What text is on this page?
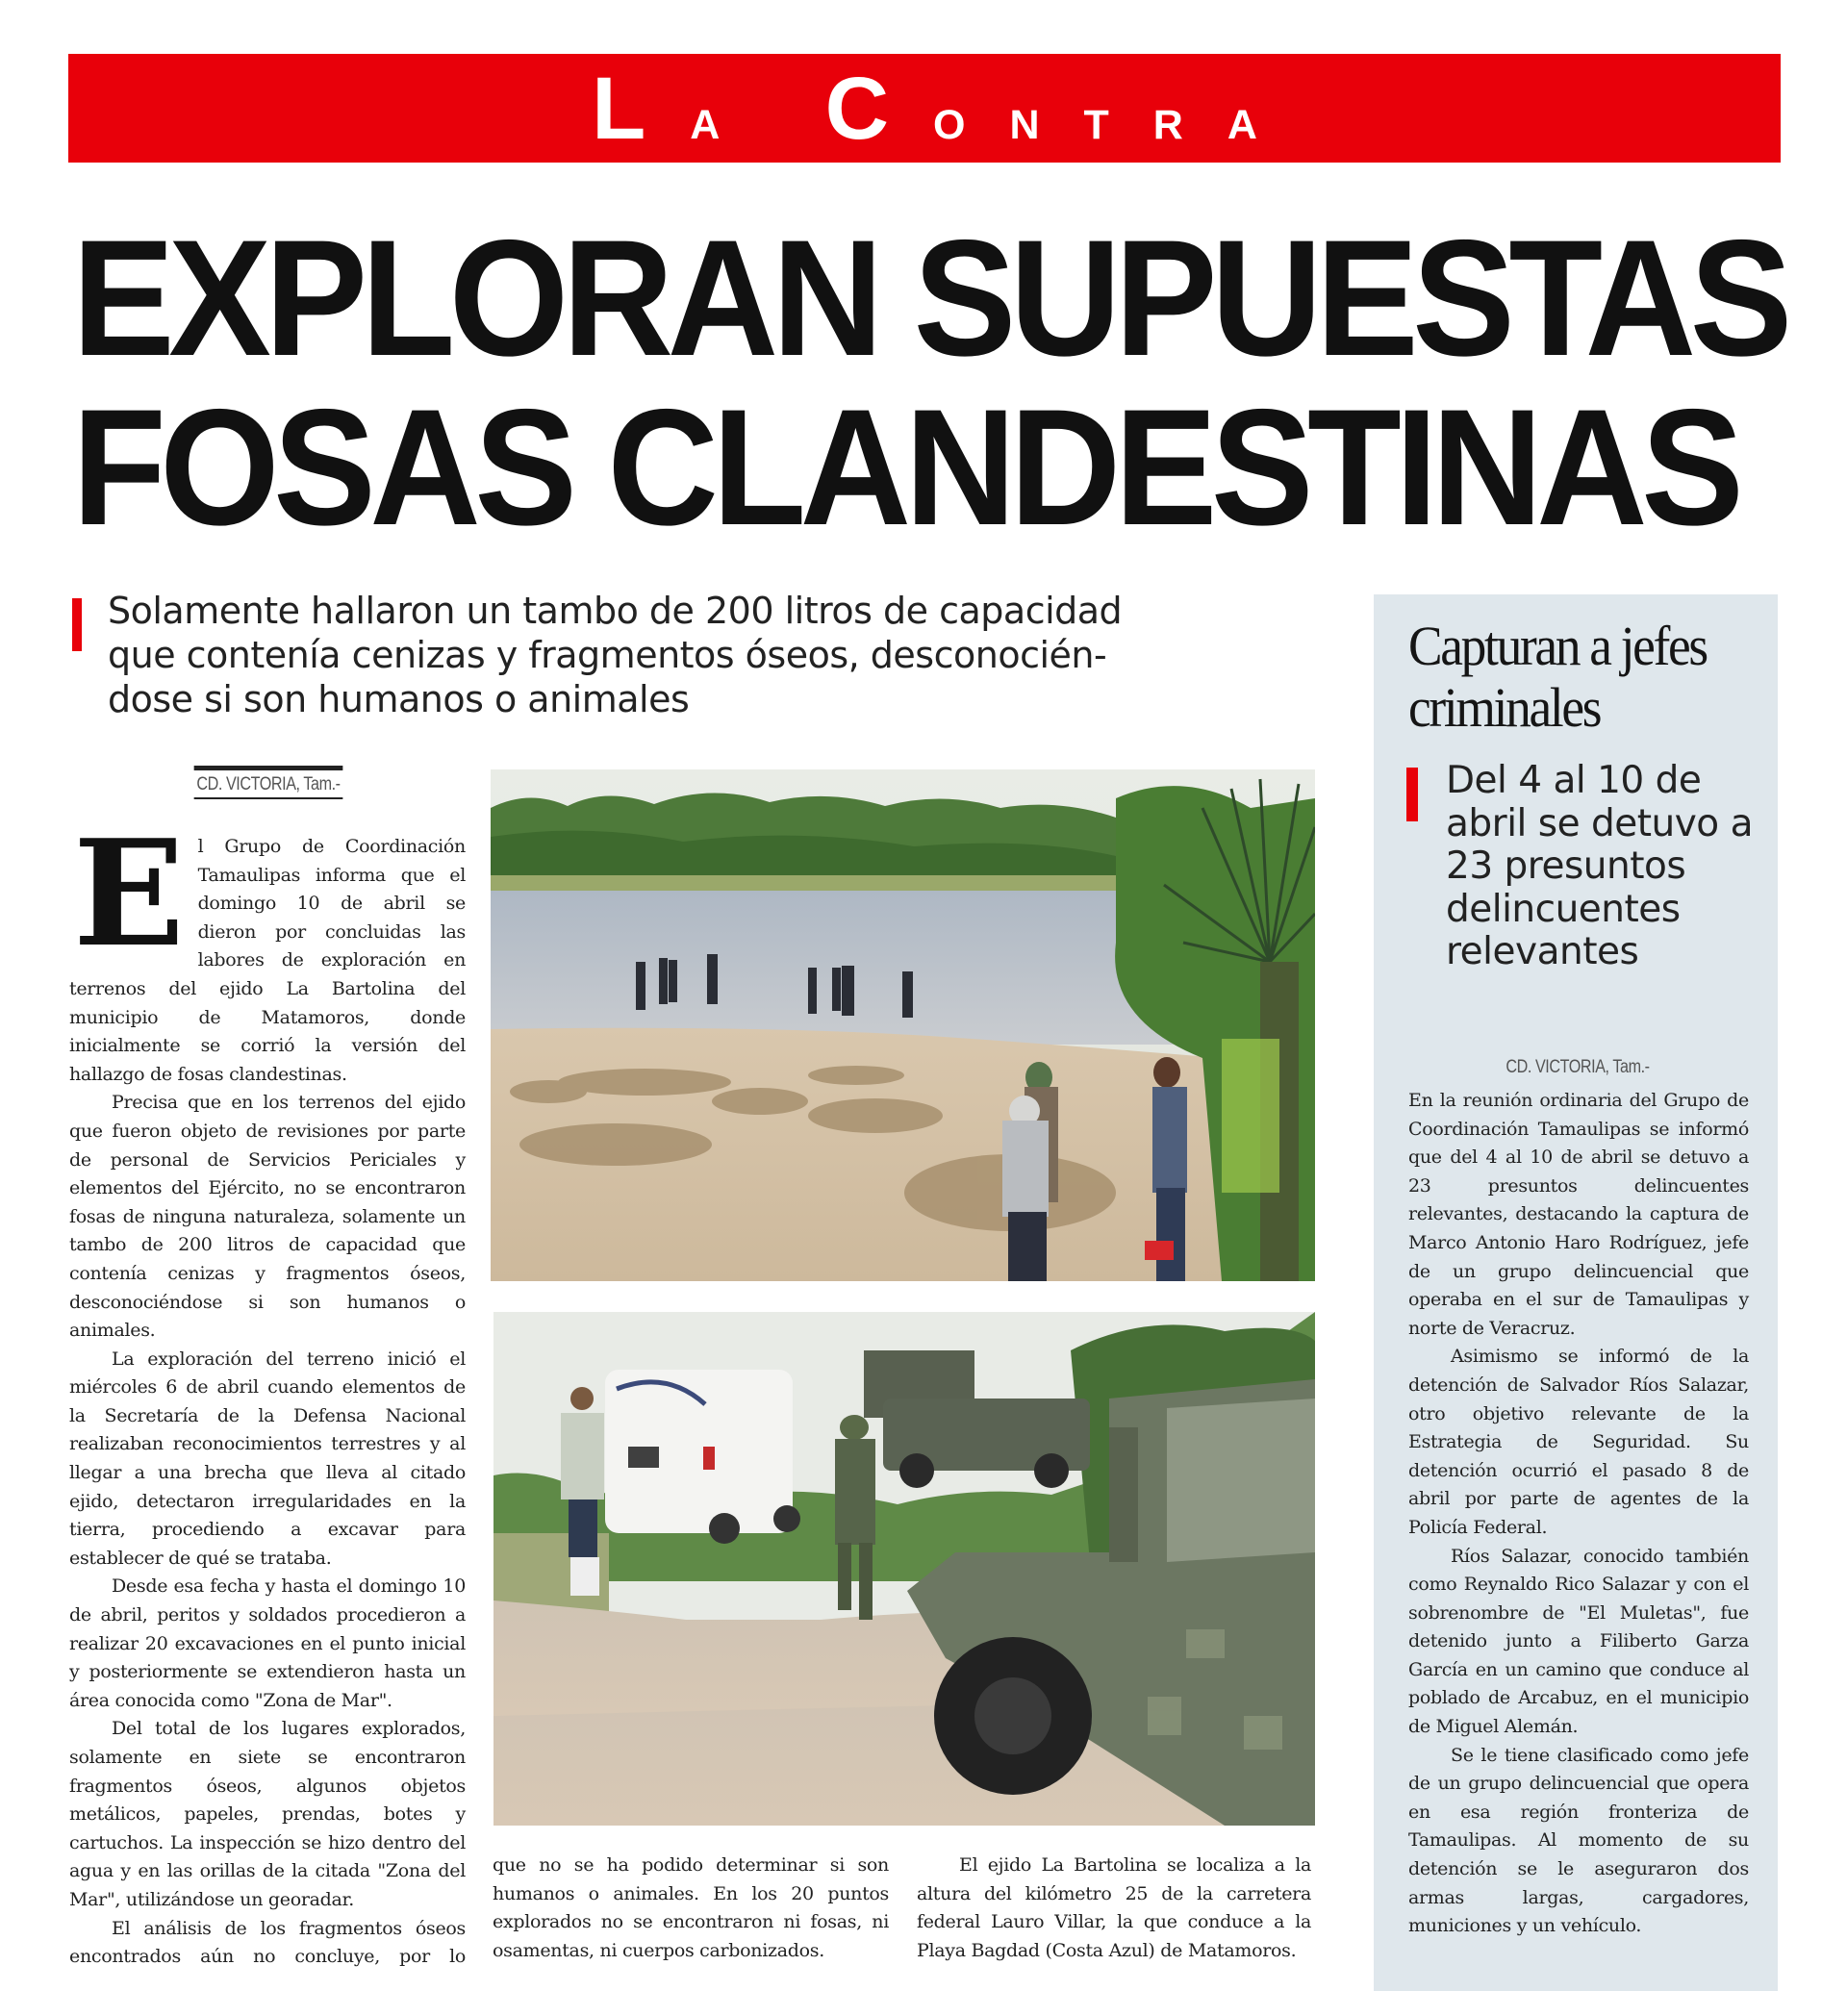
La Contra
EXPLORAN SUPUESTAS
FOSAS CLANDESTINAS
Solamente hallaron un tambo de 200 litros de capacidad
que contenía cenizas y fragmentos óseos, desconocién-
dose si son humanos o animales
CD. VICTORIA, Tam.-

El Grupo de Coordinación Tamaulipas informa que el domingo 10 de abril se dieron por concluidas las labores de exploración en terrenos del ejido La Bartolina del municipio de Matamoros, donde inicialmente se corrió la versión del hallazgo de fosas clandestinas.

Precisa que en los terrenos del ejido que fueron objeto de revisiones por parte de personal de Servicios Periciales y elementos del Ejército, no se encontraron fosas de ninguna naturaleza, solamente un tambo de 200 litros de capacidad que contenía cenizas y fragmentos óseos, desconociéndose si son humanos o animales.

La exploración del terreno inició el miércoles 6 de abril cuando elementos de la Secretaría de la Defensa Nacional realizaban reconocimientos terrestres y al llegar a una brecha que lleva al citado ejido, detectaron irregularidades en la tierra, procediendo a excavar para establecer de qué se trataba.

Desde esa fecha y hasta el domingo 10 de abril, peritos y soldados procedieron a realizar 20 excavaciones en el punto inicial y posteriormente se extendieron hasta un área conocida como "Zona de Mar".

Del total de los lugares explorados, solamente en siete se encontraron fragmentos óseos, algunos objetos metálicos, papeles, prendas, botes y cartuchos. La inspección se hizo dentro del agua y en las orillas de la citada "Zona del Mar", utilizándose un georadar.

El análisis de los fragmentos óseos encontrados aún no concluye, por lo

que no se ha podido determinar si son humanos o animales. En los 20 puntos explorados no se encontraron ni fosas, ni osamentas, ni cuerpos carbonizados.

El ejido La Bartolina se localiza a la altura del kilómetro 25 de la carretera federal Lauro Villar, la que conduce a la Playa Bagdad (Costa Azul) de Matamoros.

Capturan a jefes criminales
Del 4 al 10 de abril se detuvo a 23 presuntos delincuentes relevantes
CD. VICTORIA, Tam.-

En la reunión ordinaria del Grupo de Coordinación Tamaulipas se informó que del 4 al 10 de abril se detuvo a 23 presuntos delincuentes relevantes, destacando la captura de Marco Antonio Haro Rodríguez, jefe de un grupo delincuencial que operaba en el sur de Tamaulipas y norte de Veracruz.

Asimismo se informó de la detención de Salvador Ríos Salazar, otro objetivo relevante de la Estrategia de Seguridad. Su detención ocurrió el pasado 8 de abril por parte de agentes de la Policía Federal.

Ríos Salazar, conocido también como Reynaldo Rico Salazar y con el sobrenombre de "El Muletas", fue detenido junto a Filiberto Garza García en un camino que conduce al poblado de Arcabuz, en el municipio de Miguel Alemán.

Se le tiene clasificado como jefe de un grupo delincuencial que opera en esa región fronteriza de Tamaulipas. Al momento de su detención se le aseguraron dos armas largas, cargadores, municiones y un vehículo.
